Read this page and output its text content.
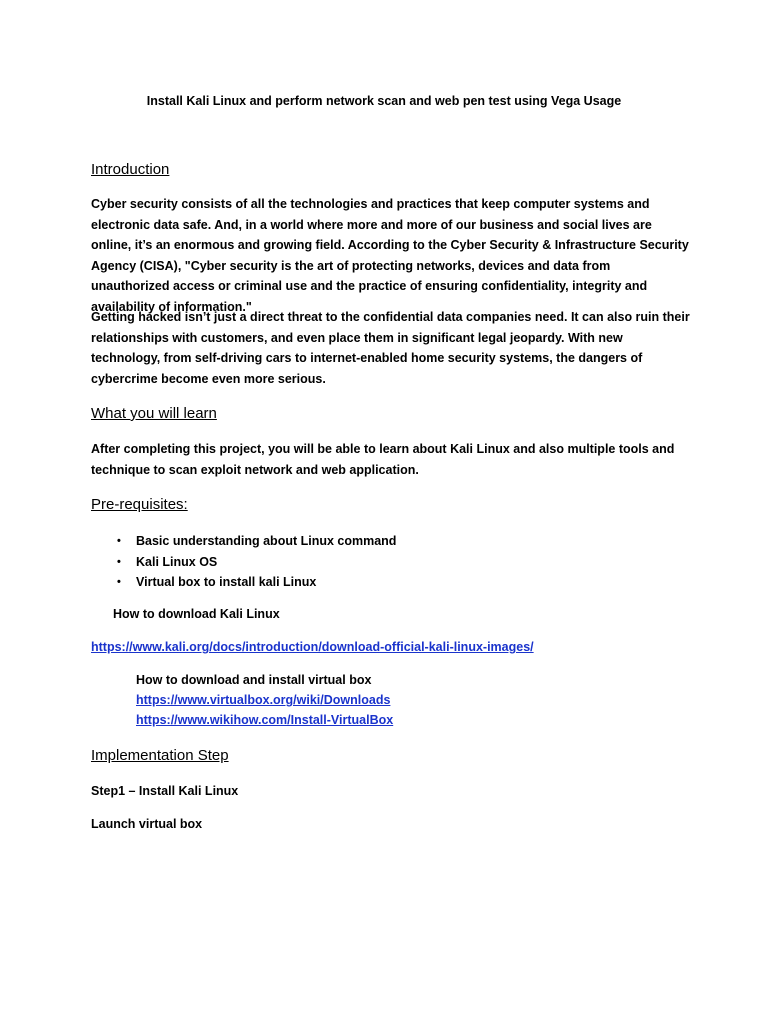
Install Kali Linux and perform network scan and web pen test using Vega Usage
Introduction
Cyber security consists of all the technologies and practices that keep computer systems and electronic data safe. And, in a world where more and more of our business and social lives are online, it’s an enormous and growing field. According to the Cyber Security & Infrastructure Security Agency (CISA), "Cyber security is the art of protecting networks, devices and data from unauthorized access or criminal use and the practice of ensuring confidentiality, integrity and availability of information."
Getting hacked isn’t just a direct threat to the confidential data companies need. It can also ruin their relationships with customers, and even place them in significant legal jeopardy. With new technology, from self-driving cars to internet-enabled home security systems, the dangers of cybercrime become even more serious.
What you will learn
After completing this project, you will be able to learn about Kali Linux and also multiple tools and technique to scan exploit network and web application.
Pre-requisites:
• Basic understanding about Linux command
• Kali Linux OS
• Virtual box to install kali Linux
How to download Kali Linux
https://www.kali.org/docs/introduction/download-official-kali-linux-images/
How to download and install virtual box
https://www.virtualbox.org/wiki/Downloads
https://www.wikihow.com/Install-VirtualBox
Implementation Step
Step1 – Install Kali Linux
Launch virtual box
